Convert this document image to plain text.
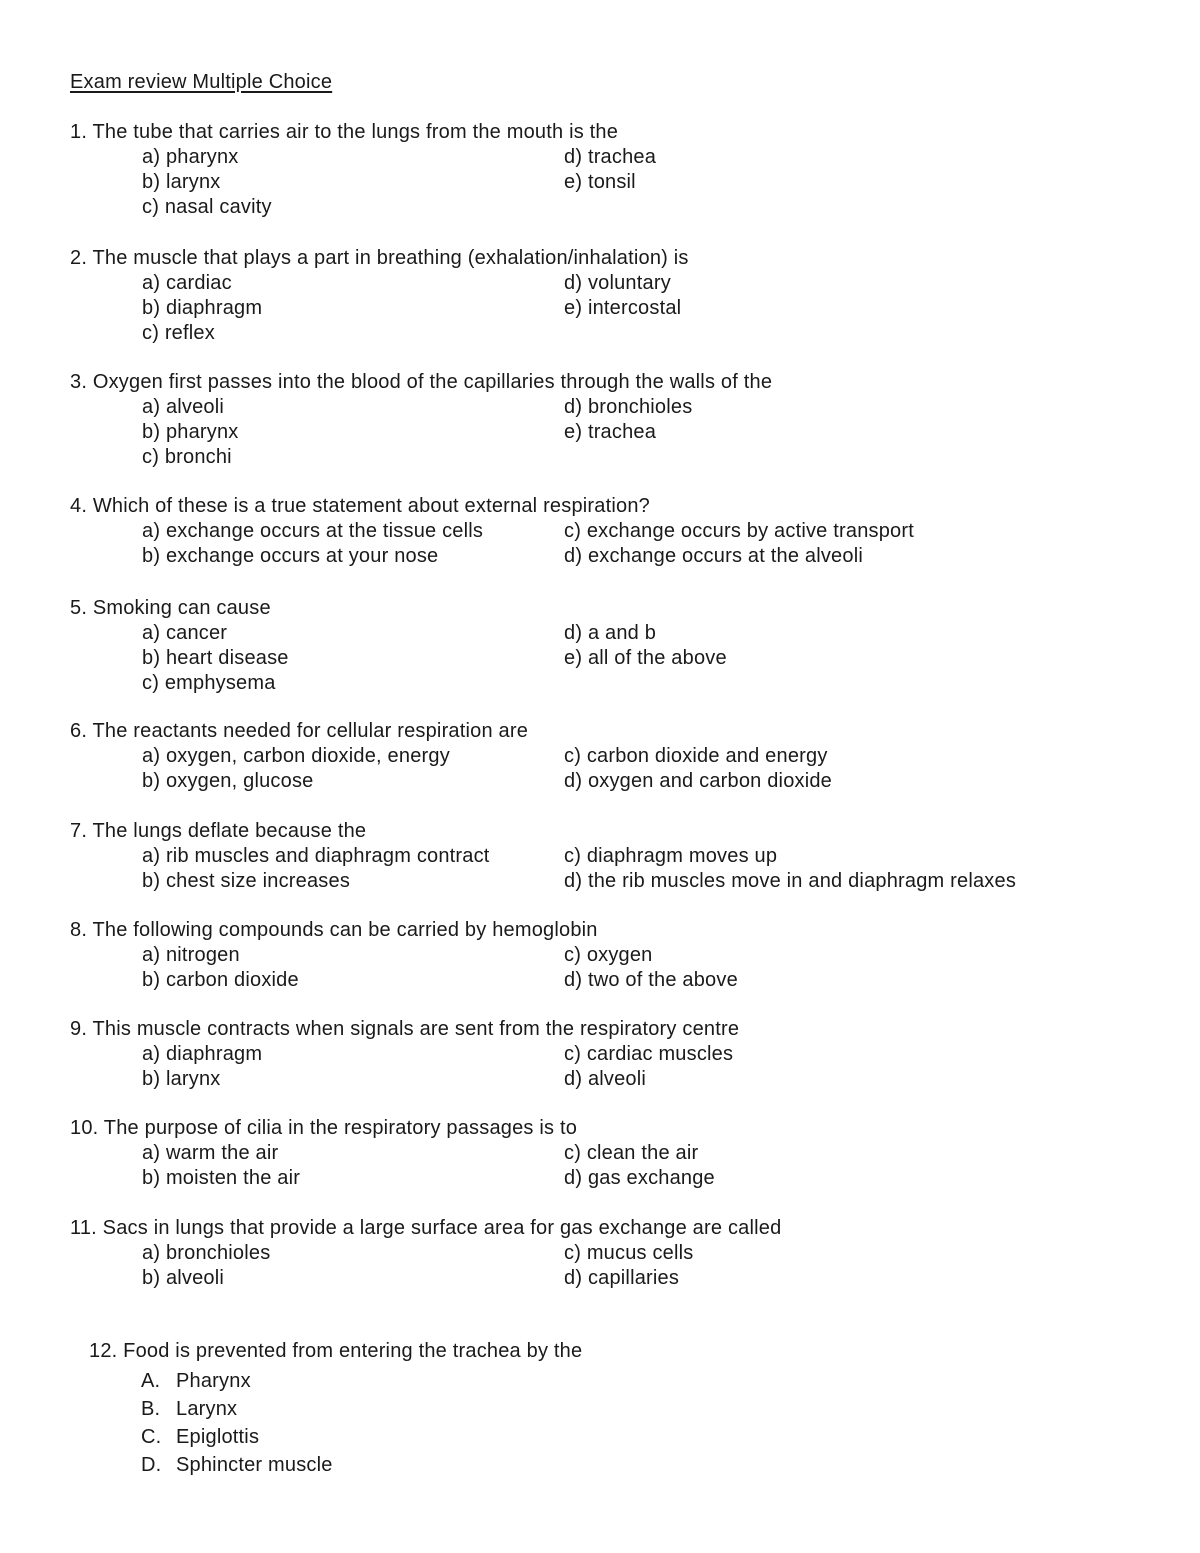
Exam review Multiple Choice
1. The tube that carries air to the lungs from the mouth is the
a) pharynx
b) larynx
c) nasal cavity
d) trachea
e) tonsil
2. The muscle that plays a part in breathing (exhalation/inhalation) is
a) cardiac
b) diaphragm
c) reflex
d) voluntary
e) intercostal
3. Oxygen first passes into the blood of the capillaries through the walls of the
a) alveoli
b) pharynx
c) bronchi
d) bronchioles
e) trachea
4. Which of these is a true statement about external respiration?
a) exchange occurs at the tissue cells
b) exchange occurs at your nose
c) exchange occurs by active transport
d) exchange occurs at the alveoli
5. Smoking can cause
a) cancer
b) heart disease
c) emphysema
d) a and b
e) all of the above
6. The reactants needed for cellular respiration are
a) oxygen, carbon dioxide, energy
b) oxygen, glucose
c) carbon dioxide and energy
d) oxygen and carbon dioxide
7. The lungs deflate because the
a) rib muscles and diaphragm contract
b) chest size increases
c) diaphragm moves up
d) the rib muscles move in and diaphragm relaxes
8. The following compounds can be carried by hemoglobin
a) nitrogen
b) carbon dioxide
c) oxygen
d) two of the above
9. This muscle contracts when signals are sent from the respiratory centre
a) diaphragm
b) larynx
c) cardiac muscles
d) alveoli
10. The purpose of cilia in the respiratory passages is to
a) warm the air
b) moisten the air
c) clean the air
d) gas exchange
11. Sacs in lungs that provide a large surface area for gas exchange are called
a) bronchioles
b) alveoli
c) mucus cells
d) capillaries
12. Food is prevented from entering the trachea by the
A. Pharynx
B. Larynx
C. Epiglottis
D. Sphincter muscle
